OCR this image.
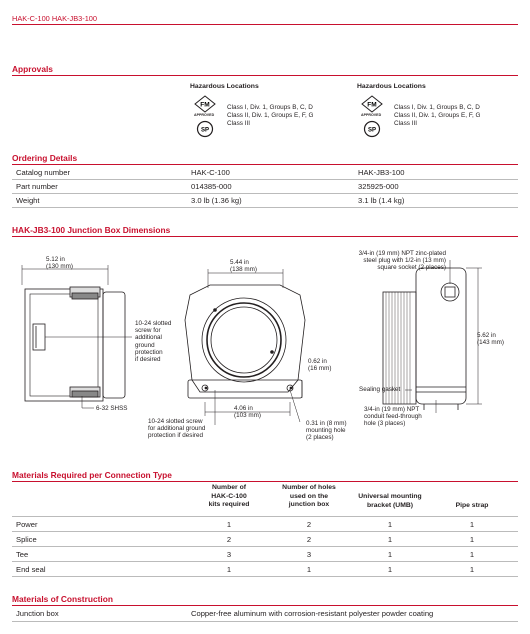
HAK-C-100 HAK-JB3-100
Approvals
Hazardous Locations
FM
APPROVED
SP
Class I, Div. 1, Groups B, C, D
Class II, Div. 1, Groups E, F, G
Class III
Hazardous Locations
FM
APPROVED
SP
Class I, Div. 1, Groups B, C, D
Class II, Div. 1, Groups E, F, G
Class III
Ordering Details
Catalog number	HAK-C-100	HAK-JB3-100
Part number	014385-000	325925-000
Weight	3.0 lb (1.36 kg)	3.1 lb (1.4 kg)
HAK-JB3-100 Junction Box Dimensions
5.12 in
(130 mm)
10-24 slotted
screw for
additional
ground
protection
if desired
6-32 SHSS
5.44 in
(138 mm)
0.62 in
(16 mm)
4.06 in
(103 mm)
10-24 slotted screw
for additional ground
protection if desired
0.31 in (8 mm)
mounting hole
(2 places)
3/4-in (19 mm) NPT zinc-plated
steel plug with 1/2-in (13 mm)
square socket (2 places)
5.62 in
(143 mm)
Sealing gasket
3/4-in (19 mm) NPT
conduit feed-through
hole (3 places)
Materials Required per Connection Type
Number of
HAK-C-100
kits required
Number of holes
used on the
junction box
Universal mounting
bracket (UMB)	Pipe strap
Power	1	2	1	1
Splice	2	2	1	1
Tee	3	3	1	1
End seal	1	1	1	1
Materials of Construction
Junction box	Copper-free aluminum with corrosion-resistant polyester powder coating
